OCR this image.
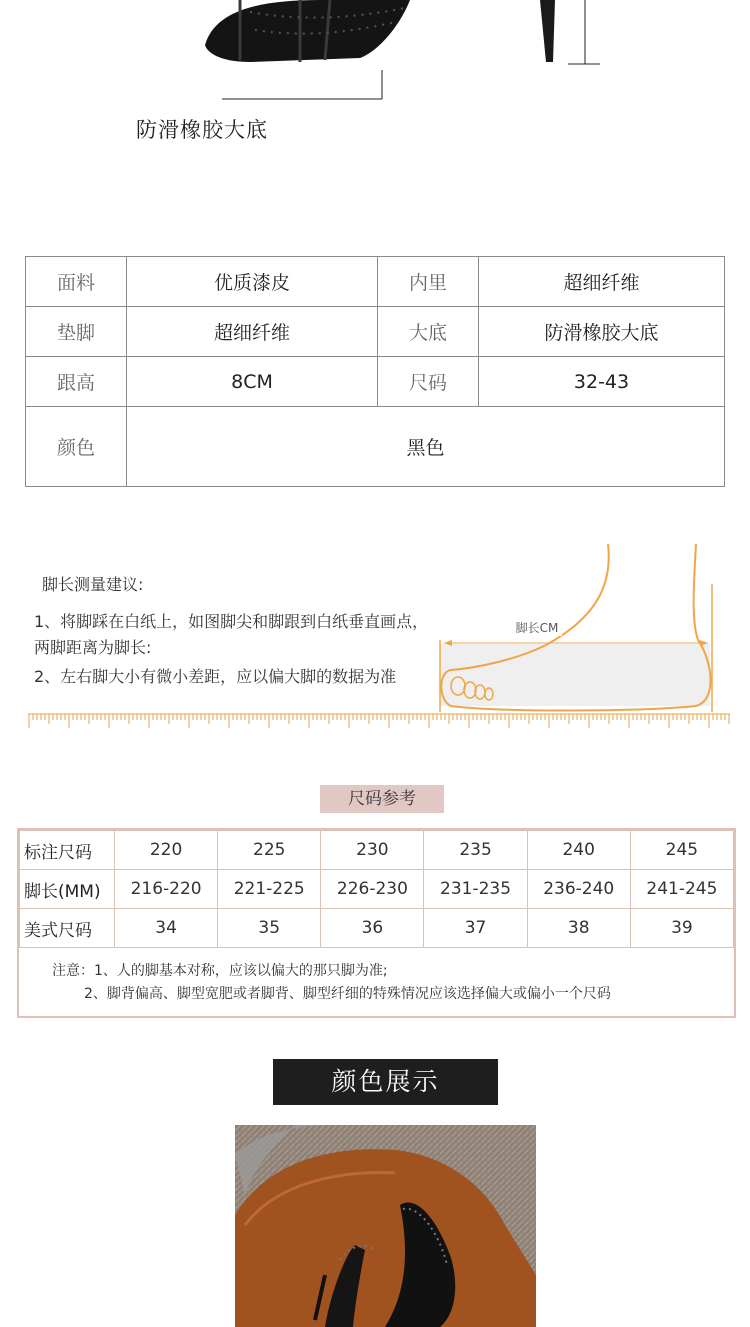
防滑橡胶大底
面料	优质漆皮	内里	超细纤维
垫脚	超细纤维	大底	防滑橡胶大底
跟高	8CM	尺码	32-43
颜色	黑色		
脚长测量建议:
1、将脚踩在白纸上，如图脚尖和脚跟到白纸垂直画点，两脚距离为脚长:
2、左右脚大小有微小差距，应以偏大脚的数据为准
脚长CM
尺码参考
标注尺码	220	225	230	235	240	245
脚长(MM)	216-220	221-225	226-230	231-235	236-240	241-245
美式尺码	34	35	36	37	38	39
注意：1、人的脚基本对称，应该以偏大的那只脚为准;
2、脚背偏高、脚型宽肥或者脚背、脚型纤细的特殊情况应该选择偏大或偏小一个尺码
颜色展示
